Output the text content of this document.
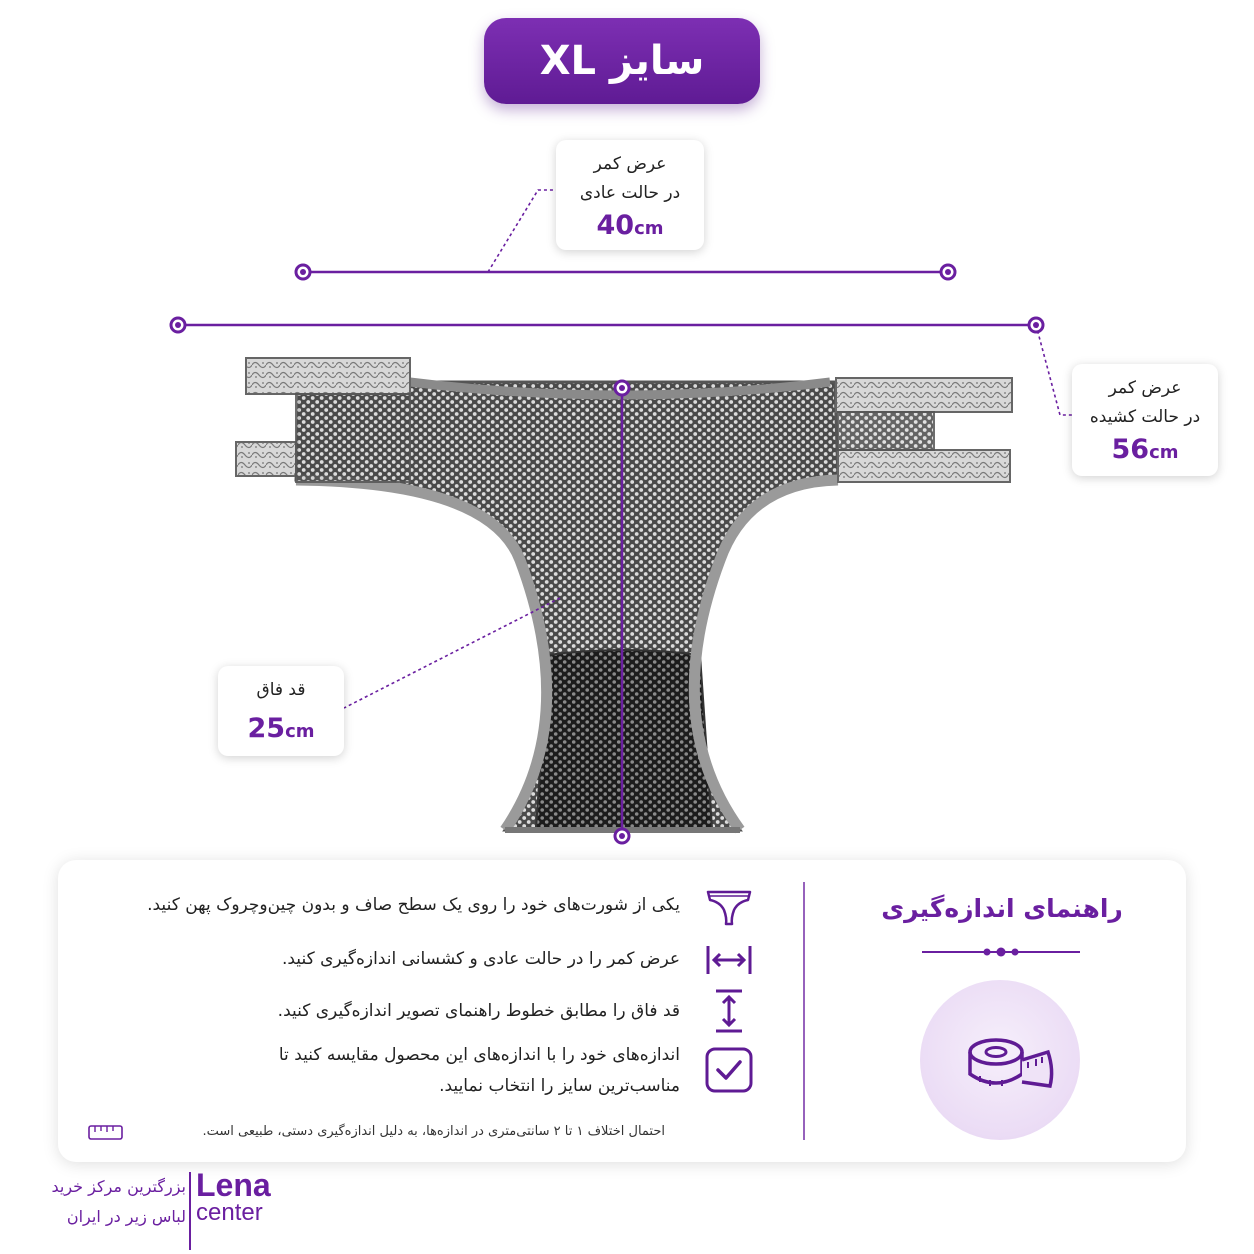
سایز
XL
عرض کمر
در حالت عادی
40cm
عرض کمر
در حالت کشیده
56cm
قد فاق
25cm
راهنمای اندازه‌گیری
یکی از شورت‌های خود را روی یک سطح صاف و بدون چین‌وچروک پهن کنید.
عرض کمر را در حالت عادی و کشسانی اندازه‌گیری کنید.
قد فاق را مطابق خطوط راهنمای تصویر اندازه‌گیری کنید.
اندازه‌های خود را با اندازه‌های این محصول مقایسه کنید تا
مناسب‌ترین سایز را انتخاب نمایید.
احتمال اختلاف ۱ تا ۲ سانتی‌متری در اندازه‌ها، به دلیل اندازه‌گیری دستی، طبیعی است.
Lena
center
بزرگترین مرکز خرید
لباس زیر در ایران
